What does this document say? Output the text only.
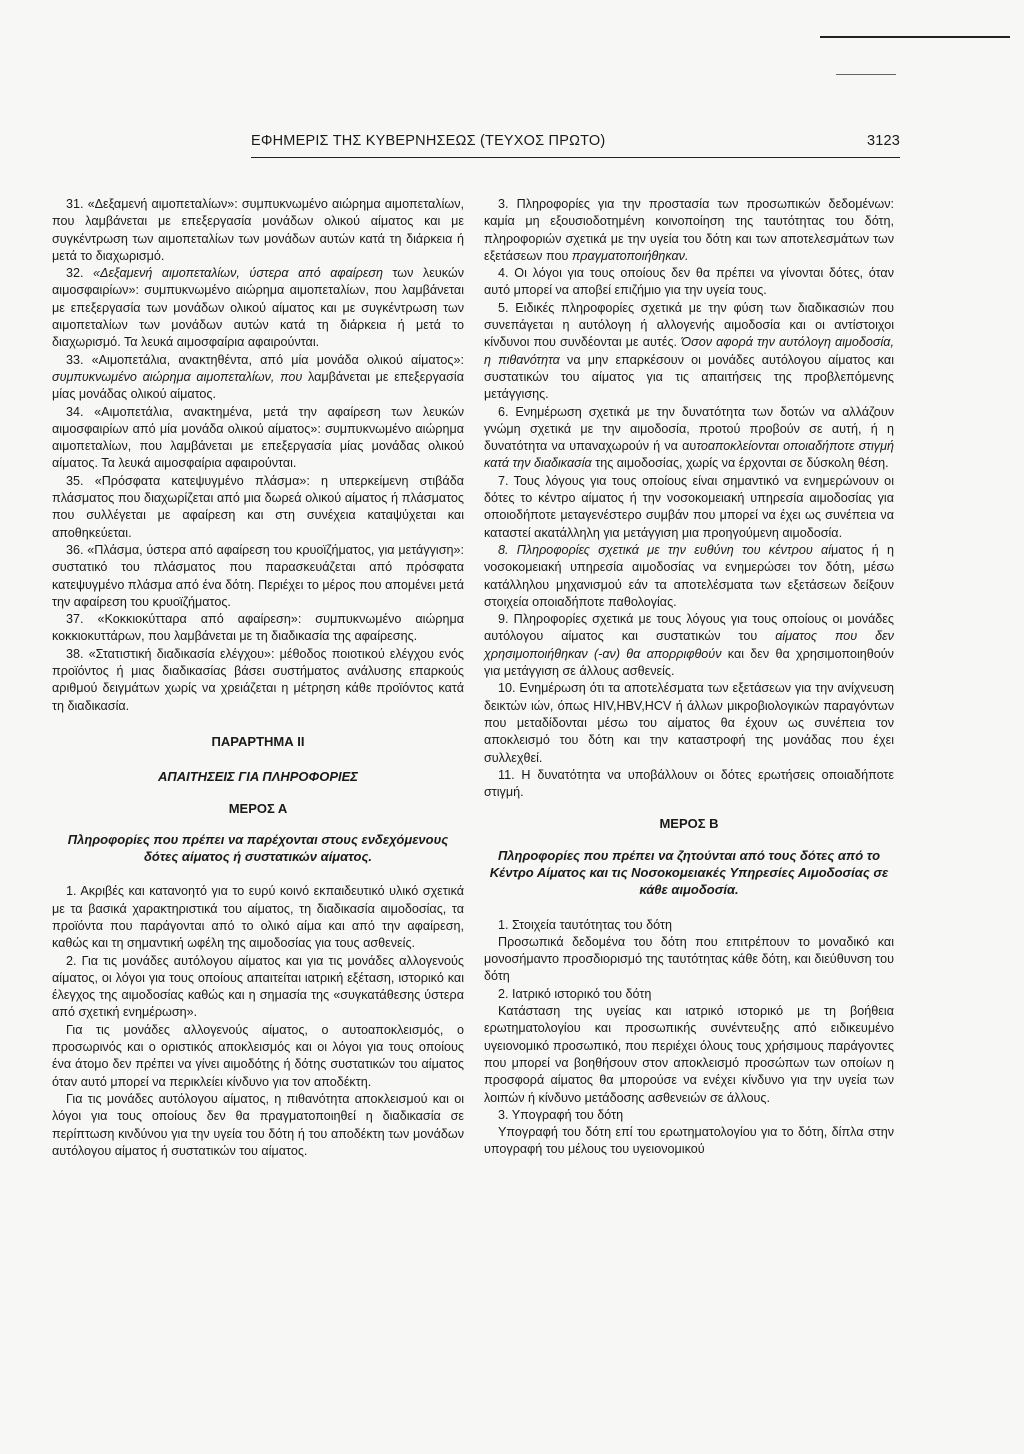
ΕΦΗΜΕΡΙΣ ΤΗΣ ΚΥΒΕΡΝΗΣΕΩΣ (ΤΕΥΧΟΣ ΠΡΩΤΟ)	3123

31. «Δεξαμενή αιμοπεταλίων»: συμπυκνωμένο αιώρημα αιμοπεταλίων, που λαμβάνεται με επεξεργασία μονάδων ολικού αίματος και με συγκέντρωση των αιμοπεταλίων των μονάδων αυτών κατά τη διάρκεια ή μετά το διαχωρισμό.

32. «Δεξαμενή αιμοπεταλίων, ύστερα από αφαίρεση των λευκών αιμοσφαιρίων»: συμπυκνωμένο αιώρημα αιμοπεταλίων, που λαμβάνεται με επεξεργασία των μονάδων ολικού αίματος και με συγκέντρωση των αιμοπεταλίων των μονάδων αυτών κατά τη διάρκεια ή μετά το διαχωρισμό. Τα λευκά αιμοσφαίρια αφαιρούνται.

33. «Αιμοπετάλια, ανακτηθέντα, από μία μονάδα ολικού αίματος»: συμπυκνωμένο αιώρημα αιμοπεταλίων, που λαμβάνεται με επεξεργασία μίας μονάδας ολικού αίματος.

34. «Αιμοπετάλια, ανακτημένα, μετά την αφαίρεση των λευκών αιμοσφαιρίων από μία μονάδα ολικού αίματος»: συμπυκνωμένο αιώρημα αιμοπεταλίων, που λαμβάνεται με επεξεργασία μίας μονάδας ολικού αίματος. Τα λευκά αιμοσφαίρια αφαιρούνται.

35. «Πρόσφατα κατεψυγμένο πλάσμα»: η υπερκείμενη στιβάδα πλάσματος που διαχωρίζεται από μια δωρεά ολικού αίματος ή πλάσματος που συλλέγεται με αφαίρεση και στη συνέχεια καταψύχεται και αποθηκεύεται.

36. «Πλάσμα, ύστερα από αφαίρεση του κρυοϊζήματος, για μετάγγιση»: συστατικό του πλάσματος που παρασκευάζεται από πρόσφατα κατεψυγμένο πλάσμα από ένα δότη. Περιέχει το μέρος που απομένει μετά την αφαίρεση του κρυοϊζήματος.

37. «Κοκκιοκύτταρα από αφαίρεση»: συμπυκνωμένο αιώρημα κοκκιοκυττάρων, που λαμβάνεται με τη διαδικασία της αφαίρεσης.

38. «Στατιστική διαδικασία ελέγχου»: μέθοδος ποιοτικού ελέγχου ενός προϊόντος ή μιας διαδικασίας βάσει συστήματος ανάλυσης επαρκούς αριθμού δειγμάτων χωρίς να χρειάζεται η μέτρηση κάθε προϊόντος κατά τη διαδικασία.

ΠΑΡΑΡΤΗΜΑ ΙΙ

ΑΠΑΙΤΗΣΕΙΣ ΓΙΑ ΠΛΗΡΟΦΟΡΙΕΣ

ΜΕΡΟΣ Α

Πληροφορίες που πρέπει να παρέχονται στους ενδεχόμενους δότες αίματος ή συστατικών αίματος.

1. Ακριβές και κατανοητό για το ευρύ κοινό εκπαιδευτικό υλικό σχετικά με τα βασικά χαρακτηριστικά του αίματος, τη διαδικασία αιμοδοσίας, τα προϊόντα που παράγονται από το ολικό αίμα και από την αφαίρεση, καθώς και τη σημαντική ωφέλη της αιμοδοσίας για τους ασθενείς.

2. Για τις μονάδες αυτόλογου αίματος και για τις μονάδες αλλογενούς αίματος, οι λόγοι για τους οποίους απαιτείται ιατρική εξέταση, ιστορικό και έλεγχος της αιμοδοσίας καθώς και η σημασία της «συγκατάθεσης ύστερα από σχετική ενημέρωση».

Για τις μονάδες αλλογενούς αίματος, ο αυτοαποκλεισμός, ο προσωρινός και ο οριστικός αποκλεισμός και οι λόγοι για τους οποίους ένα άτομο δεν πρέπει να γίνει αιμοδότης ή δότης συστατικών του αίματος όταν αυτό μπορεί να περικλείει κίνδυνο για τον αποδέκτη.

Για τις μονάδες αυτόλογου αίματος, η πιθανότητα αποκλεισμού και οι λόγοι για τους οποίους δεν θα πραγματοποιηθεί η διαδικασία σε περίπτωση κινδύνου για την υγεία του δότη ή του αποδέκτη των μονάδων αυτόλογου αίματος ή συστατικών του αίματος.

3. Πληροφορίες για την προστασία των προσωπικών δεδομένων: καμία μη εξουσιοδοτημένη κοινοποίηση της ταυτότητας του δότη, πληροφοριών σχετικά με την υγεία του δότη και των αποτελεσμάτων των εξετάσεων που πραγματοποιήθηκαν.

4. Οι λόγοι για τους οποίους δεν θα πρέπει να γίνονται δότες, όταν αυτό μπορεί να αποβεί επιζήμιο για την υγεία τους.

5. Ειδικές πληροφορίες σχετικά με την φύση των διαδικασιών που συνεπάγεται η αυτόλογη ή αλλογενής αιμοδοσία και οι αντίστοιχοι κίνδυνοι που συνδέονται με αυτές. Όσον αφορά την αυτόλογη αιμοδοσία, η πιθανότητα να μην επαρκέσουν οι μονάδες αυτόλογου αίματος και συστατικών του αίματος για τις απαιτήσεις της προβλεπόμενης μετάγγισης.

6. Ενημέρωση σχετικά με την δυνατότητα των δοτών να αλλάζουν γνώμη σχετικά με την αιμοδοσία, προτού προβούν σε αυτή, ή η δυνατότητα να υπαναχωρούν ή να αυτοαποκλείονται οποιαδήποτε στιγμή κατά την διαδικασία της αιμοδοσίας, χωρίς να έρχονται σε δύσκολη θέση.

7. Τους λόγους για τους οποίους είναι σημαντικό να ενημερώνουν οι δότες το κέντρο αίματος ή την νοσοκομειακή υπηρεσία αιμοδοσίας για οποιοδήποτε μεταγενέστερο συμβάν που μπορεί να έχει ως συνέπεια να καταστεί ακατάλληλη για μετάγγιση μια προηγούμενη αιμοδοσία.

8. Πληροφορίες σχετικά με την ευθύνη του κέντρου αίματος ή η νοσοκομειακή υπηρεσία αιμοδοσίας να ενημερώσει τον δότη, μέσω κατάλληλου μηχανισμού εάν τα αποτελέσματα των εξετάσεων δείξουν στοιχεία οποιαδήποτε παθολογίας.

9. Πληροφορίες σχετικά με τους λόγους για τους οποίους οι μονάδες αυτόλογου αίματος και συστατικών του αίματος που δεν χρησιμοποιήθηκαν (-αν) θα απορριφθούν και δεν θα χρησιμοποιηθούν για μετάγγιση σε άλλους ασθενείς.

10. Ενημέρωση ότι τα αποτελέσματα των εξετάσεων για την ανίχνευση δεικτών ιών, όπως HIV,HBV,HCV ή άλλων μικροβιολογικών παραγόντων που μεταδίδονται μέσω του αίματος θα έχουν ως συνέπεια τον αποκλεισμό του δότη και την καταστροφή της μονάδας που έχει συλλεχθεί.

11. Η δυνατότητα να υποβάλλουν οι δότες ερωτήσεις οποιαδήποτε στιγμή.

ΜΕΡΟΣ Β

Πληροφορίες που πρέπει να ζητούνται από τους δότες από το Κέντρο Αίματος και τις Νοσοκομειακές Υπηρεσίες Αιμοδοσίας σε κάθε αιμοδοσία.

1. Στοιχεία ταυτότητας του δότη

Προσωπικά δεδομένα του δότη που επιτρέπουν το μοναδικό και μονοσήμαντο προσδιορισμό της ταυτότητας κάθε δότη, και διεύθυνση του δότη

2. Ιατρικό ιστορικό του δότη

Κατάσταση της υγείας και ιατρικό ιστορικό με τη βοήθεια ερωτηματολογίου και προσωπικής συνέντευξης από ειδικευμένο υγειονομικό προσωπικό, που περιέχει όλους τους χρήσιμους παράγοντες που μπορεί να βοηθήσουν στον αποκλεισμό προσώπων των οποίων η προσφορά αίματος θα μπορούσε να ενέχει κίνδυνο για την υγεία των λοιπών ή κίνδυνο μετάδοσης ασθενειών σε άλλους.

3. Υπογραφή του δότη

Υπογραφή του δότη επί του ερωτηματολογίου για το δότη, δίπλα στην υπογραφή του μέλους του υγειονομικού
